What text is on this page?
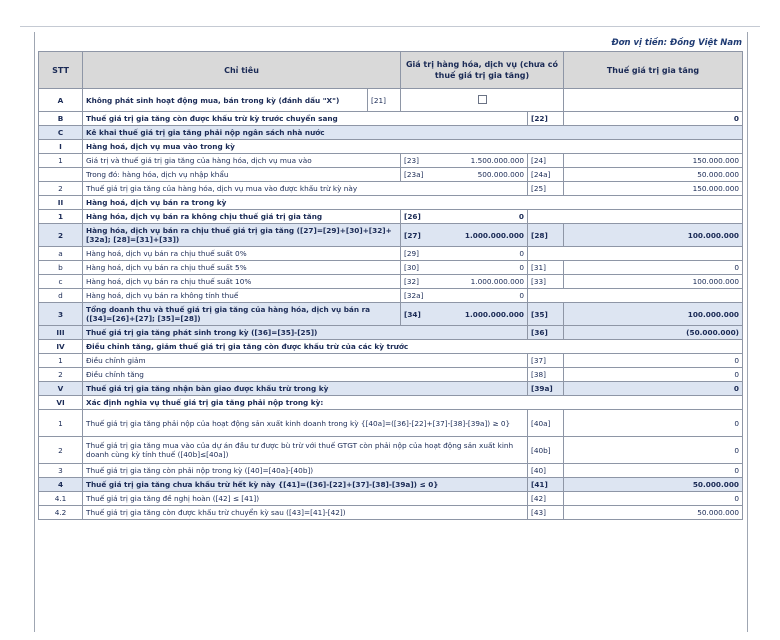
Đơn vị tiền: Đồng Việt Nam
STT	Chỉ tiêu		Giá trị hàng hóa, dịch vụ (chưa có thuế giá trị gia tăng)		Thuế giá trị gia tăng
A	Không phát sinh hoạt động mua, bán trong kỳ (đánh dấu "X")	[21]			
B	Thuế giá trị gia tăng còn được khấu trừ kỳ trước chuyển sang			[22]	0
C	Kê khai thuế giá trị gia tăng phải nộp ngân sách nhà nước				
I	Hàng hoá, dịch vụ mua vào trong kỳ				
1	Giá trị và thuế giá trị gia tăng của hàng hóa, dịch vụ mua vào		[23] 1.500.000.000	[24]	150.000.000
	Trong đó: hàng hóa, dịch vụ nhập khẩu		[23a] 500.000.000	[24a]	50.000.000
2	Thuế giá trị gia tăng của hàng hóa, dịch vụ mua vào được khấu trừ kỳ này			[25]	150.000.000
II	Hàng hoá, dịch vụ bán ra trong kỳ				
1	Hàng hóa, dịch vụ bán ra không chịu thuế giá trị gia tăng		[26] 0		

2	Hàng hóa, dịch vụ bán ra chịu thuế giá trị gia tăng ([27]=[29]+[30]+[32]+[32a]; [28]=[31]+[33])		[27] 1.000.000.000	[28]	100.000.000
a	Hàng hoá, dịch vụ bán ra chịu thuế suất 0%		[29] 0		

b	Hàng hoá, dịch vụ bán ra chịu thuế suất 5%		[30] 0	[31]	0
c	Hàng hoá, dịch vụ bán ra chịu thuế suất 10%		[32] 1.000.000.000	[33]	100.000.000
d	Hàng hoá, dịch vụ bán ra không tính thuế		[32a] 0		

3	Tổng doanh thu và thuế giá trị gia tăng của hàng hóa, dịch vụ bán ra ([34]=[26]+[27]; [35]=[28])		[34] 1.000.000.000	[35]	100.000.000
III	Thuế giá trị gia tăng phát sinh trong kỳ ([36]=[35]-[25])			[36]	(50.000.000)
IV	Điều chỉnh tăng, giảm thuế giá trị gia tăng còn được khấu trừ của các kỳ trước				
1	Điều chỉnh giảm			[37]	0
2	Điều chỉnh tăng			[38]	0
V	Thuế giá trị gia tăng nhận bàn giao được khấu trừ trong kỳ			[39a]	0
VI	Xác định nghĩa vụ thuế giá trị gia tăng phải nộp trong kỳ:				
1	Thuế giá trị gia tăng phải nộp của hoạt động sản xuất kinh doanh trong kỳ {[40a]=([36]-[22]+[37]-[38]-[39a]) ≥ 0}			[40a]	0
2	Thuế giá trị gia tăng mua vào của dự án đầu tư được bù trừ với thuế GTGT còn phải nộp của hoạt động sản xuất kinh doanh cùng kỳ tính thuế ([40b]≤[40a])			[40b]	0
3	Thuế giá trị gia tăng còn phải nộp trong kỳ ([40]=[40a]-[40b])			[40]	0
4	Thuế giá trị gia tăng chưa khấu trừ hết kỳ này {[41]=([36]-[22]+[37]-[38]-[39a]) ≤ 0}			[41]	50.000.000
4.1	Thuế giá trị gia tăng đề nghị hoàn ([42] ≤ [41])			[42]	0
4.2	Thuế giá trị gia tăng còn được khấu trừ chuyển kỳ sau ([43]=[41]-[42])			[43]	50.000.000
